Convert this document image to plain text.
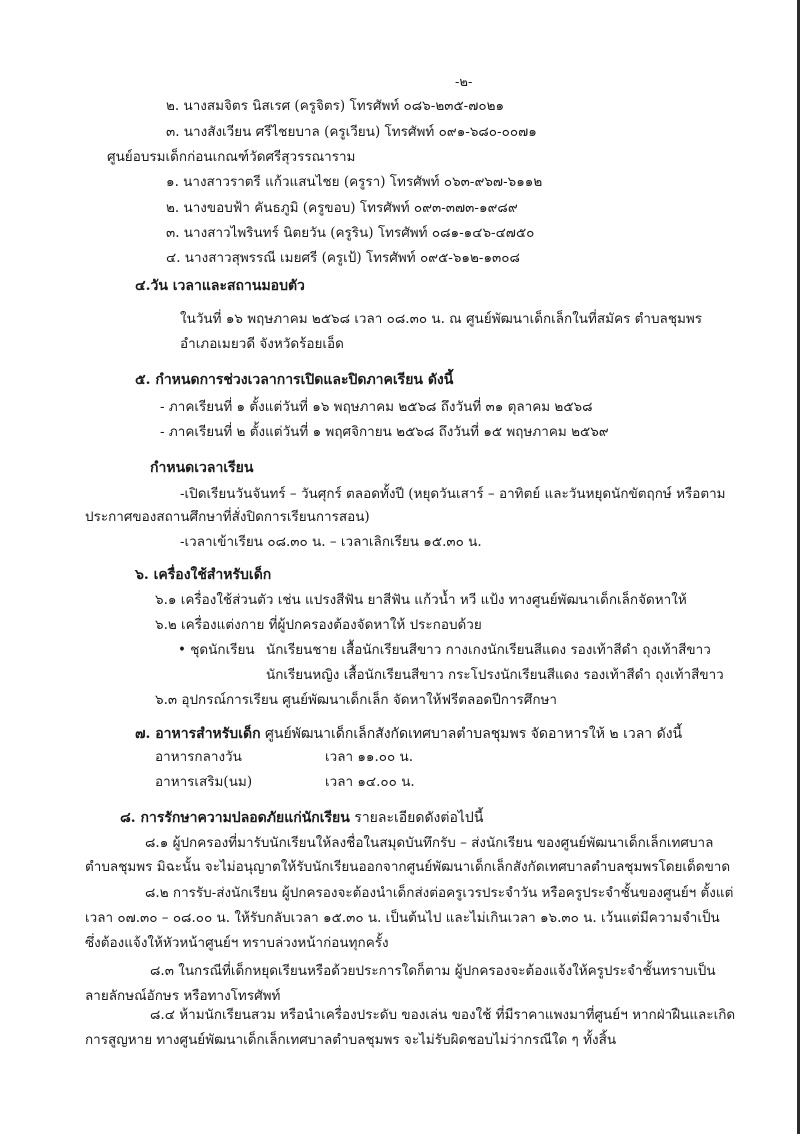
-๒-
๒. นางสมจิตร นิสเรศ (ครูจิตร) โทรศัพท์ ๐๘๖-๒๓๕-๗๐๒๑
๓. นางสังเวียน ศรีไชยบาล (ครูเวียน) โทรศัพท์ ๐๙๑-๖๘๐-๐๐๗๑
ศูนย์อบรมเด็กก่อนเกณฑ์วัดศรีสุวรรณาราม
๑. นางสาวราตรี แก้วแสนไชย (ครูรา) โทรศัพท์ ๐๖๓-๙๖๗-๖๑๑๒
๒. นางขอบฟ้า คันธภูมิ (ครูขอบ) โทรศัพท์ ๐๙๓-๓๗๓-๑๙๘๙
๓. นางสาวไพรินทร์ นิตยวัน (ครูริน) โทรศัพท์ ๐๘๑-๑๔๖-๔๗๕๐
๔. นางสาวสุพรรณี เมยศรี (ครูเป้) โทรศัพท์ ๐๙๕-๖๑๒-๑๓๐๘
๔.วัน เวลาและสถานมอบตัว
ในวันที่ ๑๖ พฤษภาคม ๒๕๖๘ เวลา ๐๘.๓๐ น. ณ ศูนย์พัฒนาเด็กเล็กในที่สมัคร ตำบลชุมพร
อำเภอเมยวดี จังหวัดร้อยเอ็ด
๕. กำหนดการช่วงเวลาการเปิดและปิดภาคเรียน ดังนี้
- ภาคเรียนที่ ๑ ตั้งแต่วันที่ ๑๖ พฤษภาคม ๒๕๖๘ ถึงวันที่ ๓๑ ตุลาคม ๒๕๖๘
- ภาคเรียนที่ ๒ ตั้งแต่วันที่ ๑ พฤศจิกายน ๒๕๖๘ ถึงวันที่ ๑๕ พฤษภาคม ๒๕๖๙
กำหนดเวลาเรียน
-เปิดเรียนวันจันทร์ – วันศุกร์ ตลอดทั้งปี (หยุดวันเสาร์ – อาทิตย์ และวันหยุดนักขัตฤกษ์ หรือตาม
ประกาศของสถานศึกษาที่สั่งปิดการเรียนการสอน)
-เวลาเข้าเรียน ๐๘.๓๐ น. – เวลาเลิกเรียน ๑๕.๓๐ น.
๖. เครื่องใช้สำหรับเด็ก
๖.๑ เครื่องใช้ส่วนตัว เช่น แปรงสีฟัน ยาสีฟัน แก้วน้ำ หวี แป้ง ทางศูนย์พัฒนาเด็กเล็กจัดหาให้
๖.๒ เครื่องแต่งกาย ที่ผู้ปกครองต้องจัดหาให้ ประกอบด้วย
• ชุดนักเรียน นักเรียนชาย เสื้อนักเรียนสีขาว กางเกงนักเรียนสีแดง รองเท้าสีดำ ถุงเท้าสีขาว
นักเรียนหญิง เสื้อนักเรียนสีขาว กระโปรงนักเรียนสีแดง รองเท้าสีดำ ถุงเท้าสีขาว
๖.๓ อุปกรณ์การเรียน ศูนย์พัฒนาเด็กเล็ก จัดหาให้ฟรีตลอดปีการศึกษา
๗. อาหารสำหรับเด็ก ศูนย์พัฒนาเด็กเล็กสังกัดเทศบาลตำบลชุมพร จัดอาหารให้ ๒ เวลา ดังนี้
อาหารกลางวัน	เวลา ๑๑.๐๐ น.
อาหารเสริม(นม)	เวลา ๑๔.๐๐ น.
๘. การรักษาความปลอดภัยแก่นักเรียน รายละเอียดดังต่อไปนี้
๘.๑ ผู้ปกครองที่มารับนักเรียนให้ลงชื่อในสมุดบันทึกรับ – ส่งนักเรียน ของศูนย์พัฒนาเด็กเล็กเทศบาล
ตำบลชุมพร มิฉะนั้น จะไม่อนุญาตให้รับนักเรียนออกจากศูนย์พัฒนาเด็กเล็กสังกัดเทศบาลตำบลชุมพรโดยเด็ดขาด
๘.๒ การรับ-ส่งนักเรียน ผู้ปกครองจะต้องนำเด็กส่งต่อครูเวรประจำวัน หรือครูประจำชั้นของศูนย์ฯ ตั้งแต่
เวลา ๐๗.๓๐ – ๐๘.๐๐ น. ให้รับกลับเวลา ๑๕.๓๐ น. เป็นต้นไป และไม่เกินเวลา ๑๖.๓๐ น. เว้นแต่มีความจำเป็น
ซึ่งต้องแจ้งให้หัวหน้าศูนย์ฯ ทราบล่วงหน้าก่อนทุกครั้ง
๘.๓ ในกรณีที่เด็กหยุดเรียนหรือด้วยประการใดก็ตาม ผู้ปกครองจะต้องแจ้งให้ครูประจำชั้นทราบเป็น
ลายลักษณ์อักษร หรือทางโทรศัพท์
๘.๔ ห้ามนักเรียนสวม หรือนำเครื่องประดับ ของเล่น ของใช้ ที่มีราคาแพงมาที่ศูนย์ฯ หากฝ่าฝืนและเกิด
การสูญหาย ทางศูนย์พัฒนาเด็กเล็กเทศบาลตำบลชุมพร จะไม่รับผิดชอบไม่ว่ากรณีใด ๆ ทั้งสิ้น
